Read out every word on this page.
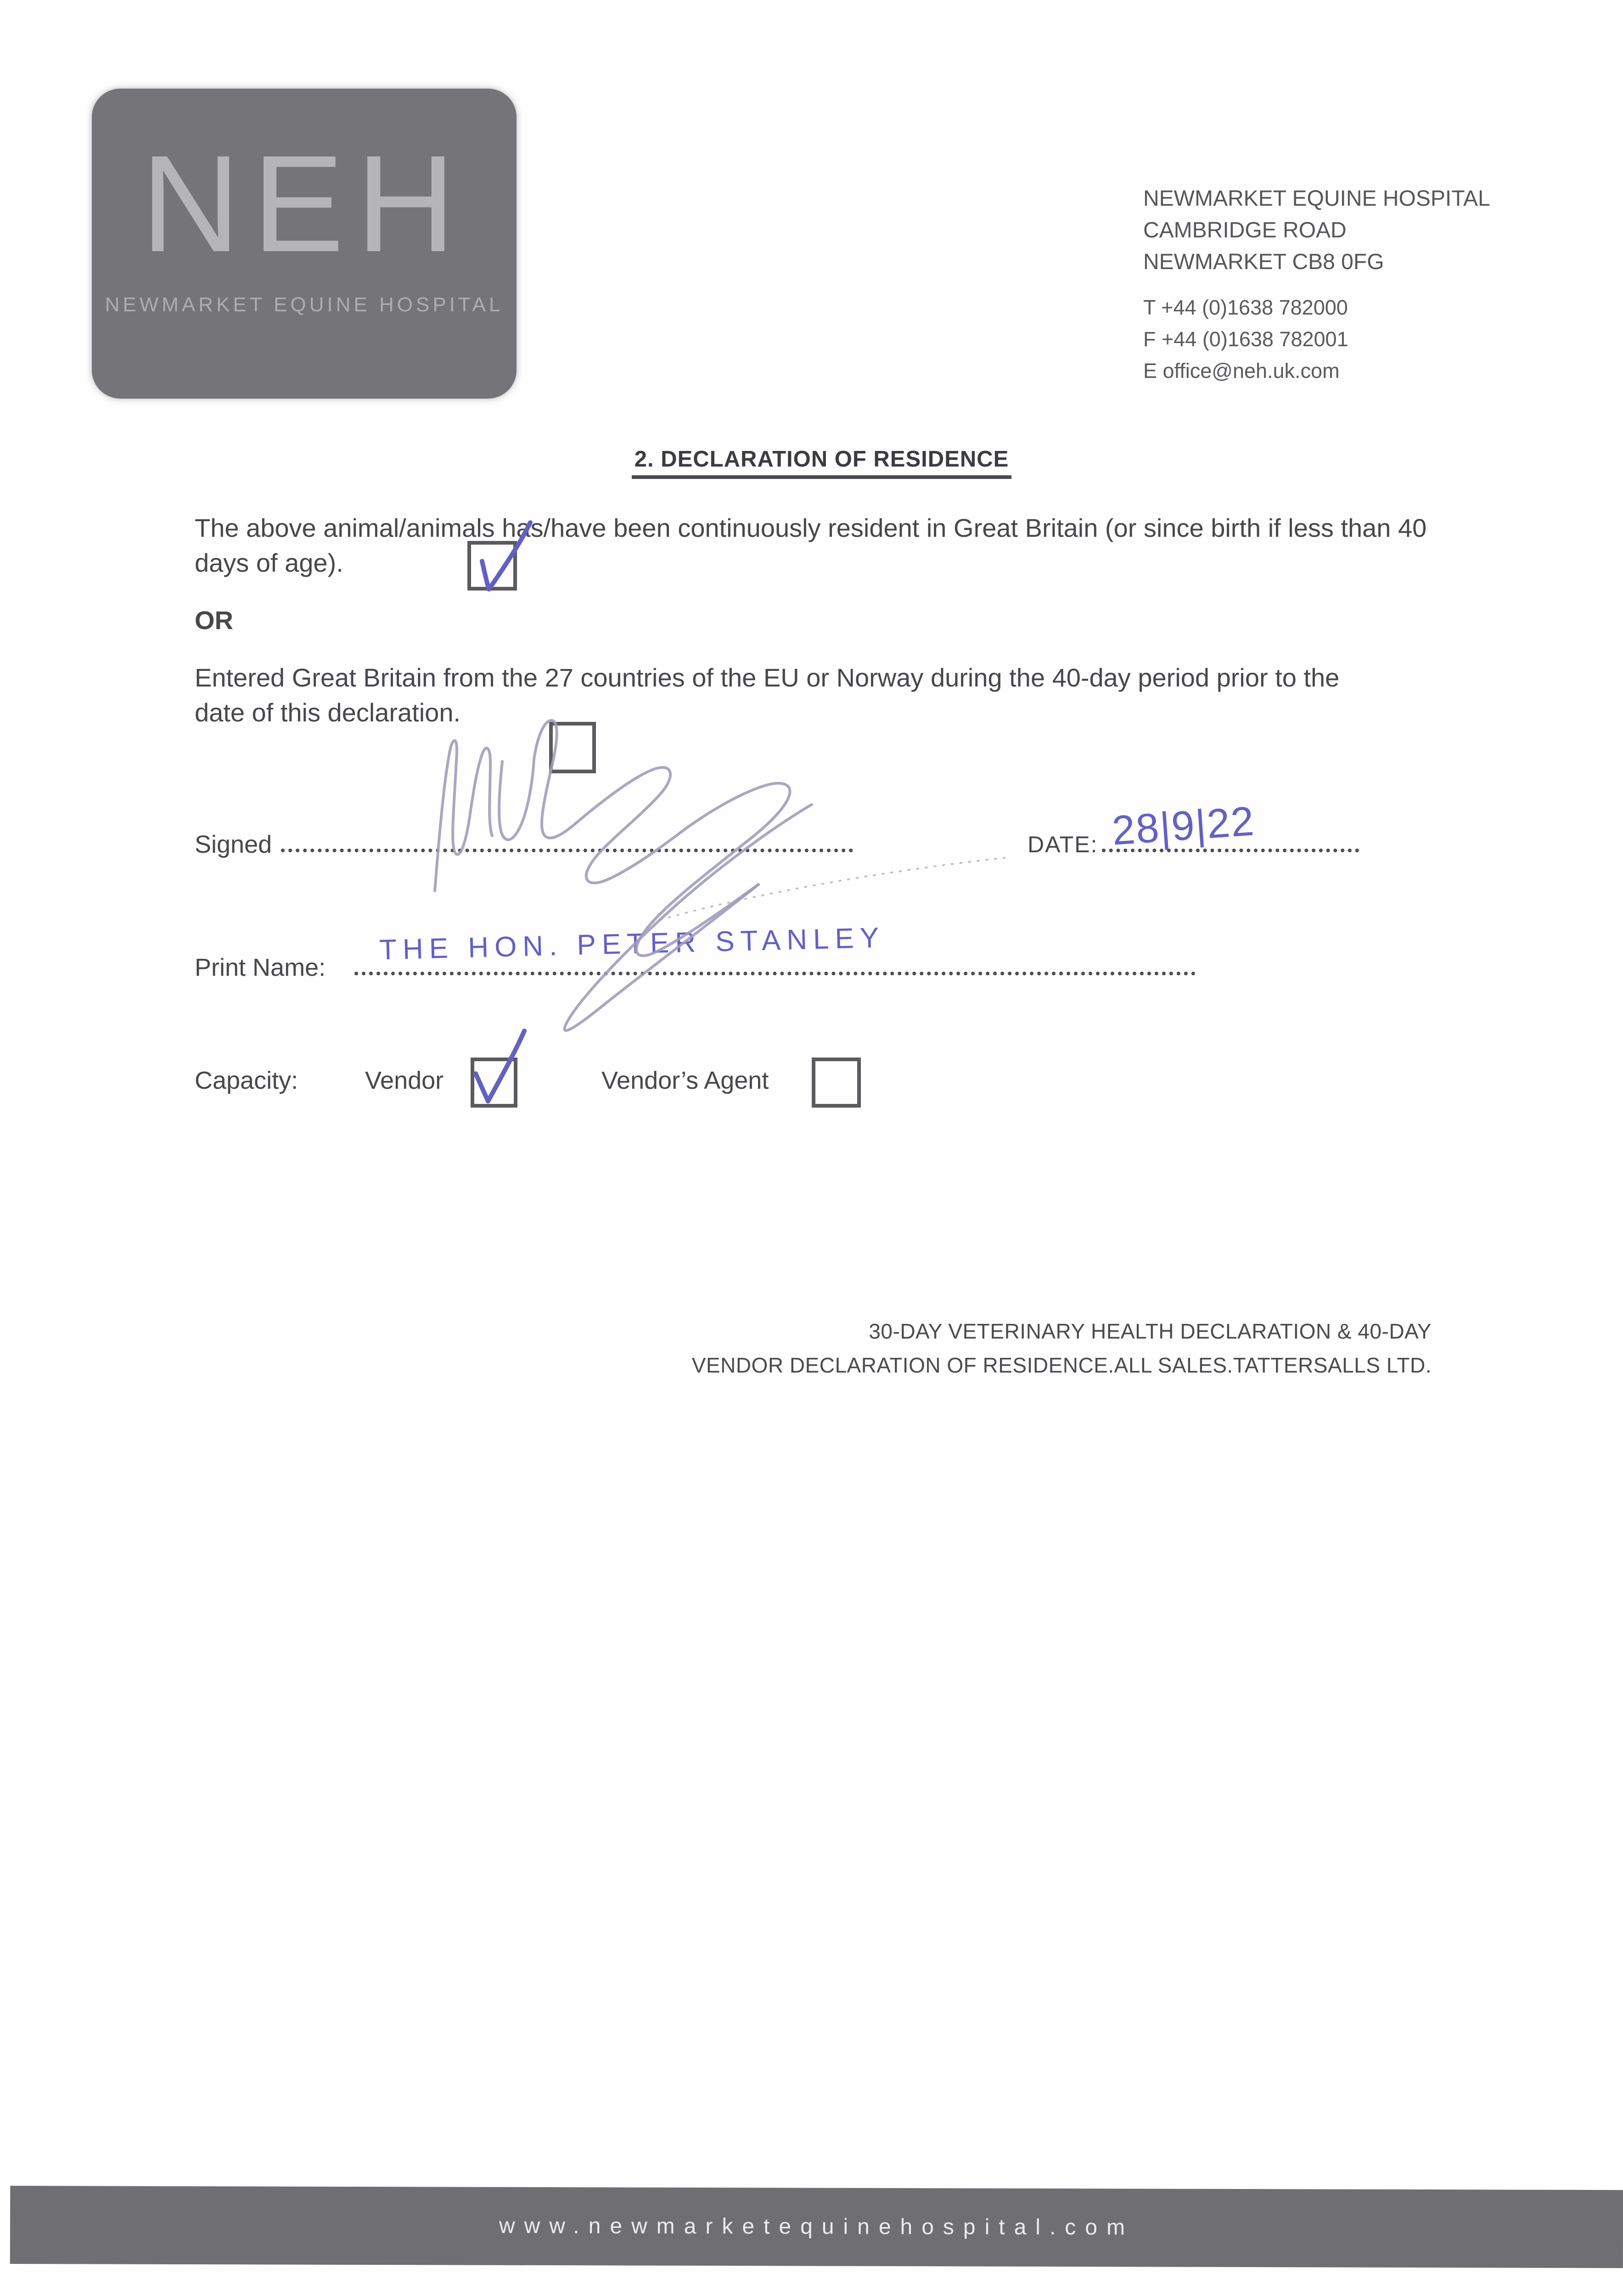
NEH
NEWMARKET EQUINE HOSPITAL
NEWMARKET EQUINE HOSPITAL
CAMBRIDGE ROAD
NEWMARKET CB8 0FG
T +44 (0)1638 782000
F +44 (0)1638 782001
E office@neh.uk.com
2. DECLARATION OF RESIDENCE
The above animal/animals has/have been continuously resident in Great Britain (or since birth if less than 40 days of age).
OR
Entered Great Britain from the 27 countries of the EU or Norway during the 40-day period prior to the date of this declaration.
Signed	DATE: 28|9|22
Print Name:
THE HON. PETER STANLEY
Capacity:	Vendor	Vendor’s Agent
30-DAY VETERINARY HEALTH DECLARATION & 40-DAY
VENDOR DECLARATION OF RESIDENCE.ALL SALES.TATTERSALLS LTD.
www.newmarketequinehospital.com
